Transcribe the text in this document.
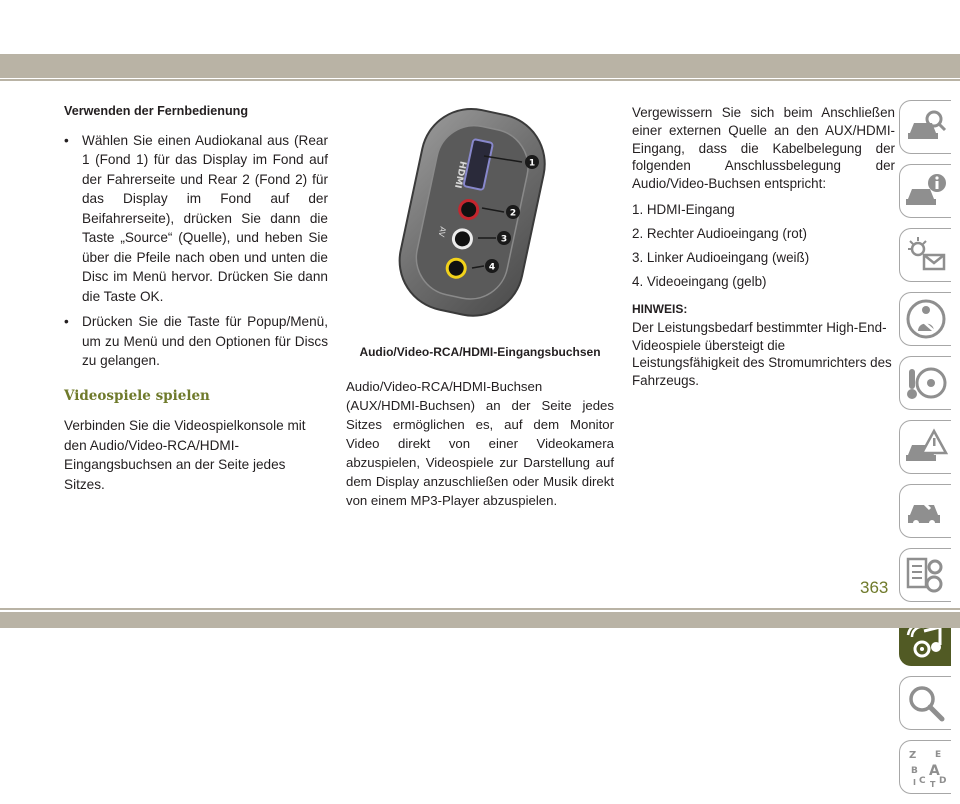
Verwenden der Fernbedienung
• Wählen Sie einen Audiokanal aus (Rear 1 (Fond 1) für das Display im Fond auf der Fahrerseite und Rear 2 (Fond 2) für das Display im Fond auf der Beifahrerseite), drücken Sie dann die Taste „Source“ (Quelle), und heben Sie über die Pfeile nach oben und unten die Disc im Menü hervor. Drücken Sie dann die Taste OK.
• Drücken Sie die Taste für Popup/Menü, um zu Menü und den Optionen für Discs zu gelangen.
Videospiele spielen

Verbinden Sie die Videospielkonsole mit den Audio/Video-RCA/HDMI-Eingangsbuchsen an der Seite jedes Sitzes.

HDMI
AV
1
2
3
4
Audio/Video-RCA/HDMI-Eingangsbuchsen
Audio/Video-RCA/HDMI-Buchsen (AUX/HDMI-Buchsen) an der Seite jedes Sitzes ermöglichen es, auf dem Monitor Video direkt von einer Videokamera abzuspielen, Videospiele zur Darstellung auf dem Display anzuschließen oder Musik direkt von einem MP3-Player abzuspielen.

Vergewissern Sie sich beim Anschließen einer externen Quelle an den AUX/HDMI-Eingang, dass die Kabelbelegung der folgenden Anschlussbelegung der Audio/Video-Buchsen entspricht:

1. HDMI-Eingang
2. Rechter Audioeingang (rot)
3. Linker Audioeingang (weiß)
4. Videoeingang (gelb)
HINWEIS:
Der Leistungsbedarf bestimmter High-End-Videospiele übersteigt die Leistungsfähigkeit des Stromumrichters des Fahrzeugs.
Z E
B A
C D
I T
363
